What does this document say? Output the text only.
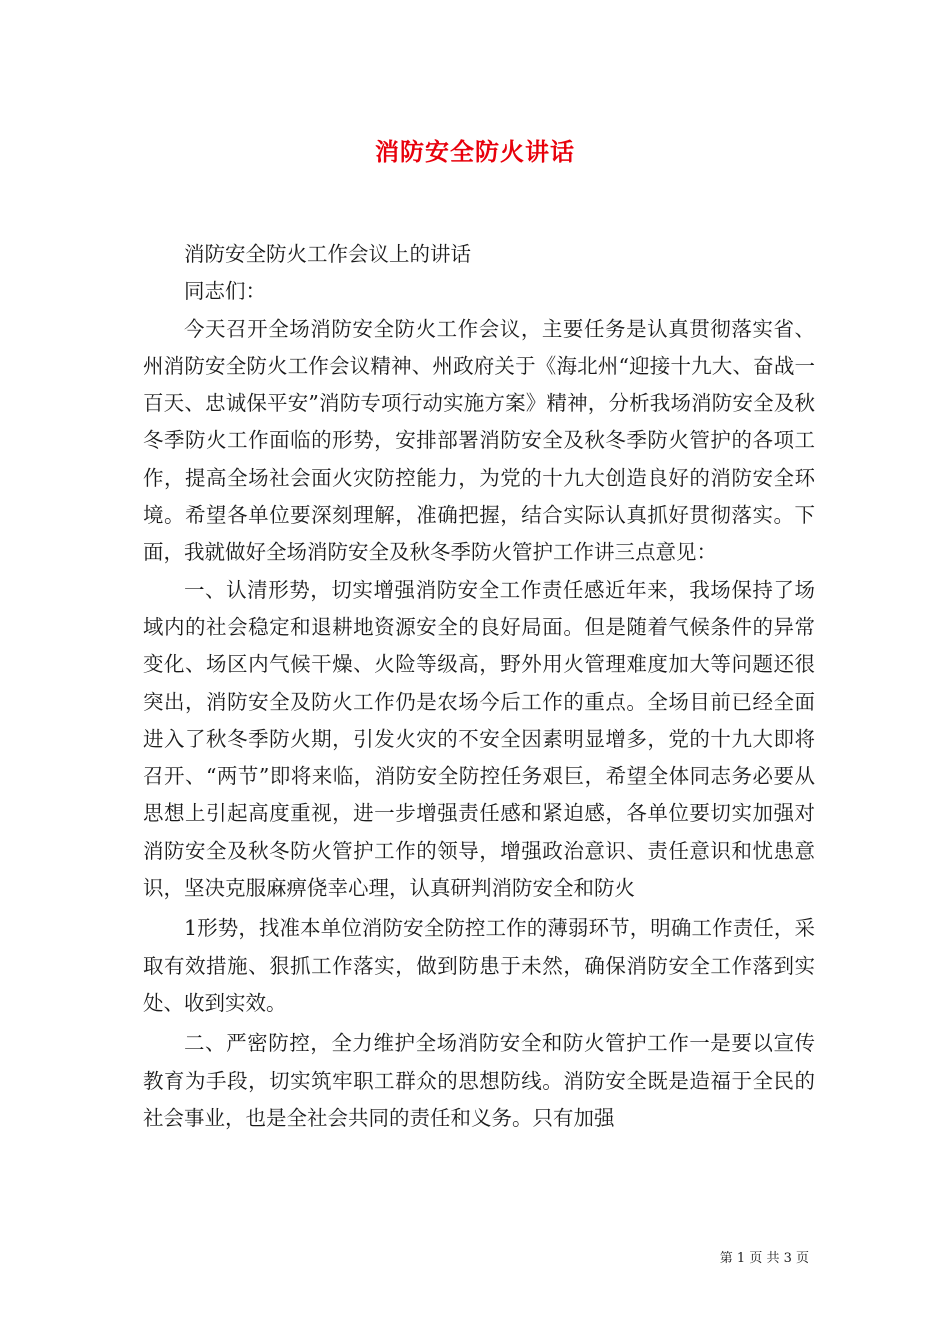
消防安全防火讲话

消防安全防火工作会议上的讲话

同志们：

今天召开全场消防安全防火工作会议，主要任务是认真贯彻落实省、州消防安全防火工作会议精神、州政府关于《海北州“迎接十九大、奋战一百天、忠诚保平安”消防专项行动实施方案》精神，分析我场消防安全及秋冬季防火工作面临的形势，安排部署消防安全及秋冬季防火管护的各项工作，提高全场社会面火灾防控能力，为党的十九大创造良好的消防安全环境。希望各单位要深刻理解，准确把握，结合实际认真抓好贯彻落实。下面，我就做好全场消防安全及秋冬季防火管护工作讲三点意见：

一、认清形势，切实增强消防安全工作责任感近年来，我场保持了场域内的社会稳定和退耕地资源安全的良好局面。但是随着气候条件的异常变化、场区内气候干燥、火险等级高，野外用火管理难度加大等问题还很突出，消防安全及防火工作仍是农场今后工作的重点。全场目前已经全面进入了秋冬季防火期，引发火灾的不安全因素明显增多，党的十九大即将召开、“两节”即将来临，消防安全防控任务艰巨，希望全体同志务必要从思想上引起高度重视，进一步增强责任感和紧迫感，各单位要切实加强对消防安全及秋冬防火管护工作的领导，增强政治意识、责任意识和忧患意识，坚决克服麻痹侥幸心理，认真研判消防安全和防火

1形势，找准本单位消防安全防控工作的薄弱环节，明确工作责任，采取有效措施、狠抓工作落实，做到防患于未然，确保消防安全工作落到实处、收到实效。

二、严密防控，全力维护全场消防安全和防火管护工作一是要以宣传教育为手段，切实筑牢职工群众的思想防线。消防安全既是造福于全民的社会事业，也是全社会共同的责任和义务。只有加强

第 1 页 共 3 页
